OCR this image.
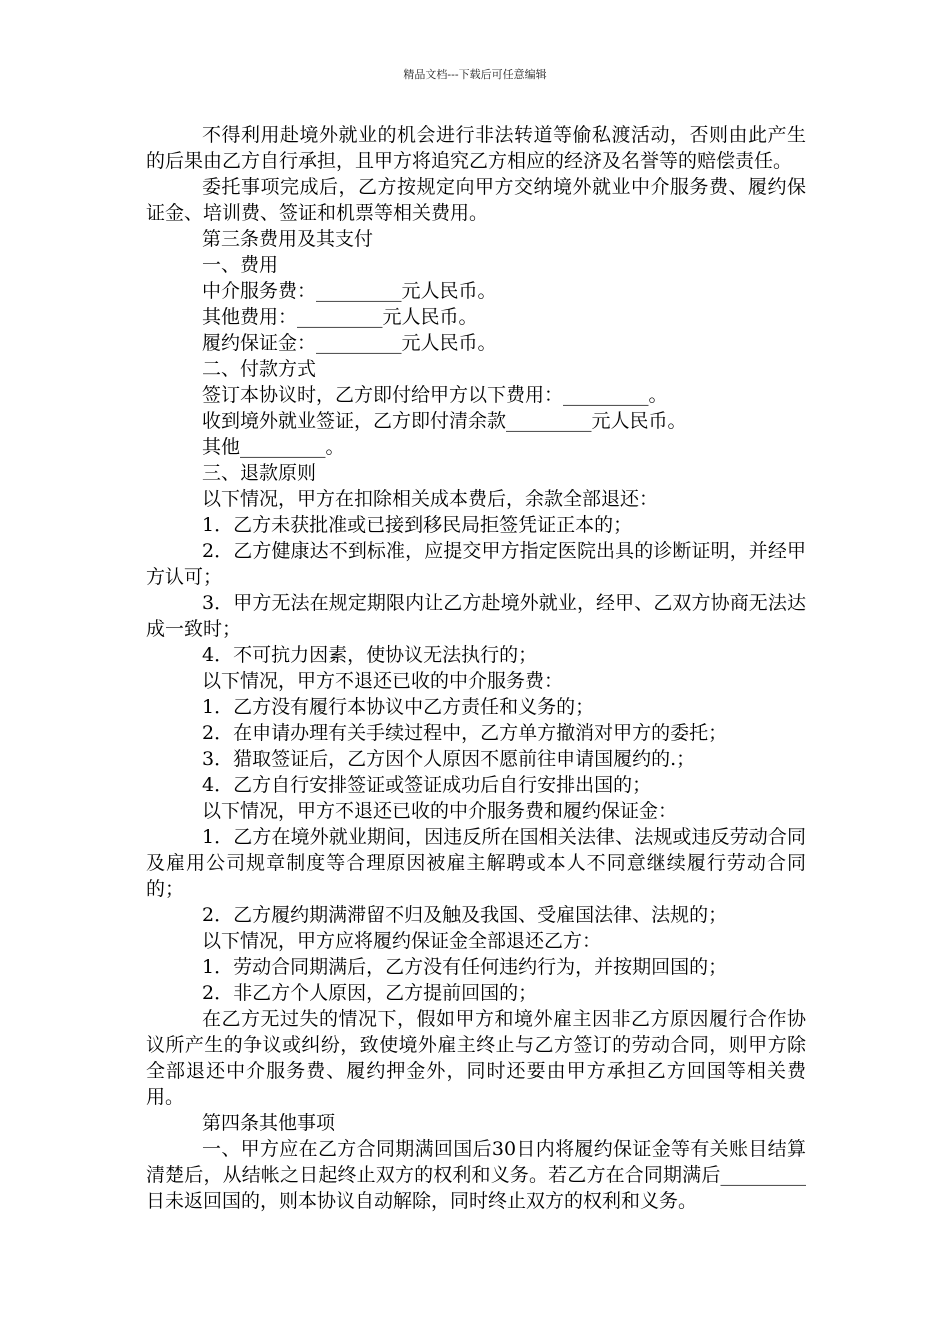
精品文档---下载后可任意编辑

不得利用赴境外就业的机会进行非法转道等偷私渡活动，否则由此产生的后果由乙方自行承担，且甲方将追究乙方相应的经济及名誉等的赔偿责任。

委托事项完成后，乙方按规定向甲方交纳境外就业中介服务费、履约保证金、培训费、签证和机票等相关费用。

第三条费用及其支付

一、费用

中介服务费：_________元人民币。

其他费用：_________元人民币。

履约保证金：_________元人民币。

二、付款方式

签订本协议时，乙方即付给甲方以下费用：_________。

收到境外就业签证，乙方即付清余款_________元人民币。

其他_________。

三、退款原则

以下情况，甲方在扣除相关成本费后，余款全部退还：

1．乙方未获批准或已接到移民局拒签凭证正本的；

2．乙方健康达不到标准，应提交甲方指定医院出具的诊断证明，并经甲方认可；

3．甲方无法在规定期限内让乙方赴境外就业，经甲、乙双方协商无法达成一致时；

4．不可抗力因素，使协议无法执行的；

以下情况，甲方不退还已收的中介服务费：

1．乙方没有履行本协议中乙方责任和义务的；

2．在申请办理有关手续过程中，乙方单方撤消对甲方的委托；

3．猎取签证后，乙方因个人原因不愿前往申请国履约的.；

4．乙方自行安排签证或签证成功后自行安排出国的；

以下情况，甲方不退还已收的中介服务费和履约保证金：

1．乙方在境外就业期间，因违反所在国相关法律、法规或违反劳动合同及雇用公司规章制度等合理原因被雇主解聘或本人不同意继续履行劳动合同的；

2．乙方履约期满滞留不归及触及我国、受雇国法律、法规的；

以下情况，甲方应将履约保证金全部退还乙方：

1．劳动合同期满后，乙方没有任何违约行为，并按期回国的；

2．非乙方个人原因，乙方提前回国的；

在乙方无过失的情况下，假如甲方和境外雇主因非乙方原因履行合作协议所产生的争议或纠纷，致使境外雇主终止与乙方签订的劳动合同，则甲方除全部退还中介服务费、履约押金外，同时还要由甲方承担乙方回国等相关费用。

第四条其他事项

一、甲方应在乙方合同期满回国后30日内将履约保证金等有关账目结算清楚后，从结帐之日起终止双方的权利和义务。若乙方在合同期满后_________日未返回国的，则本协议自动解除，同时终止双方的权利和义务。
